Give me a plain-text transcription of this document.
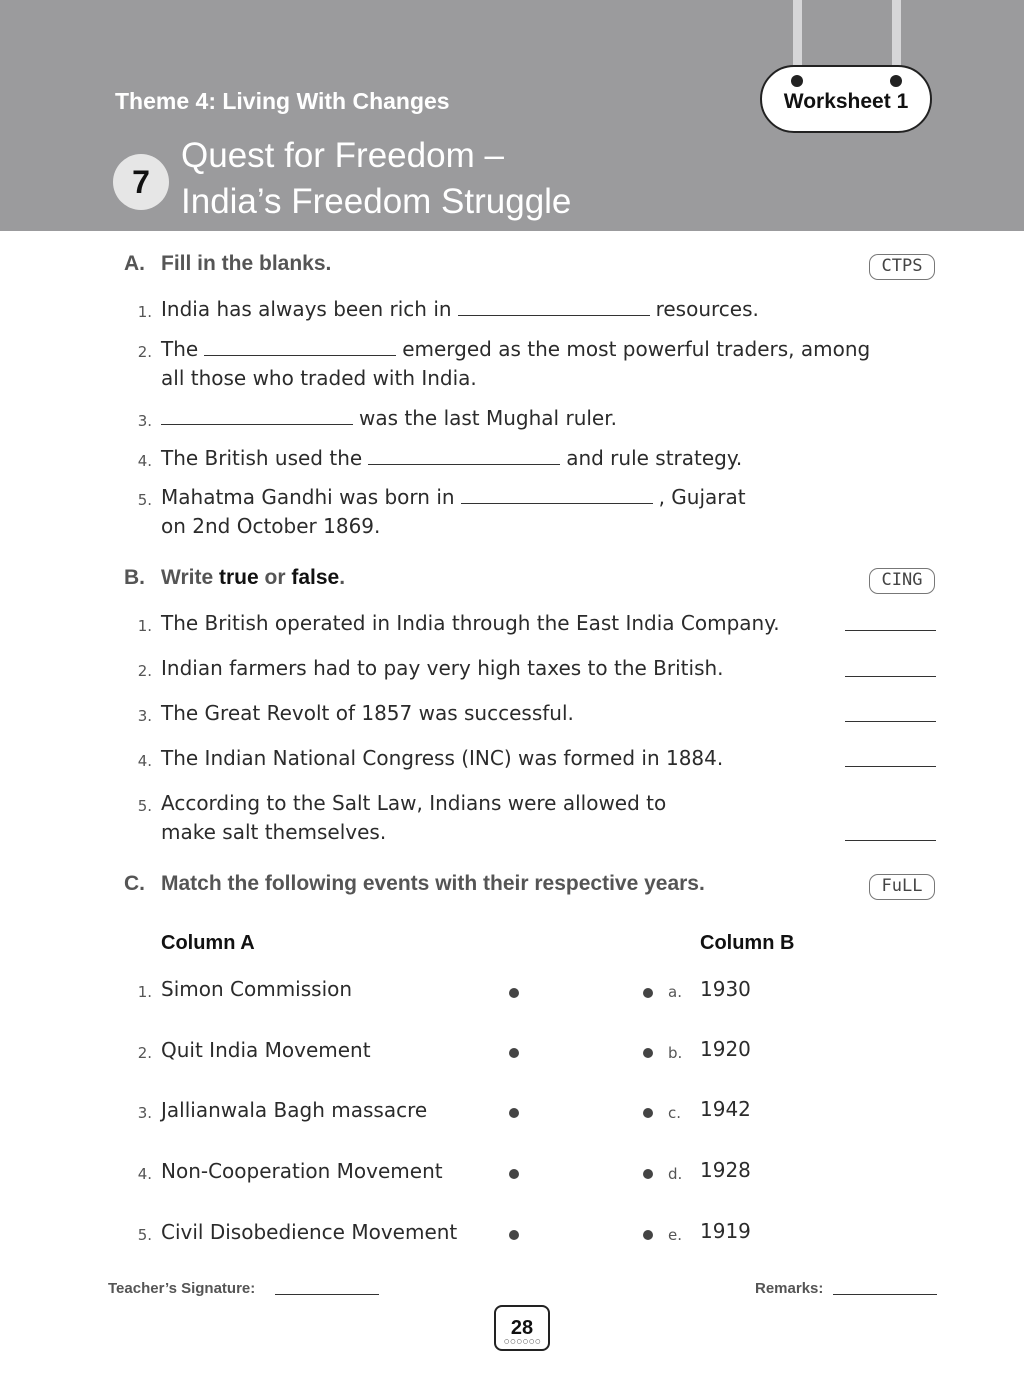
Worksheet 1
Theme 4: Living With Changes
7
Quest for Freedom –
India’s Freedom Struggle
A. Fill in the blanks.	CTPS
1. India has always been rich in	resources.
2. The	emerged as the most powerful traders, among
all those who traded with India.
3.	was the last Mughal ruler.
4. The British used the	and rule strategy.
5. Mahatma Gandhi was born in	, Gujarat
on 2nd October 1869.
B. Write true or false.	CING
1. The British operated in India through the East India Company.
2. Indian farmers had to pay very high taxes to the British.
3. The Great Revolt of 1857 was successful.
4. The Indian National Congress (INC) was formed in 1884.
5. According to the Salt Law, Indians were allowed to
make salt themselves.
C. Match the following events with their respective years.	FuLL
Column A	Column B
1. Simon Commission	a. 1930
2. Quit India Movement	b. 1920
3. Jallianwala Bagh massacre	c. 1942
4. Non-Cooperation Movement	d. 1928
5. Civil Disobedience Movement	e. 1919
Teacher’s Signature:	Remarks:
28
○○○○○○
